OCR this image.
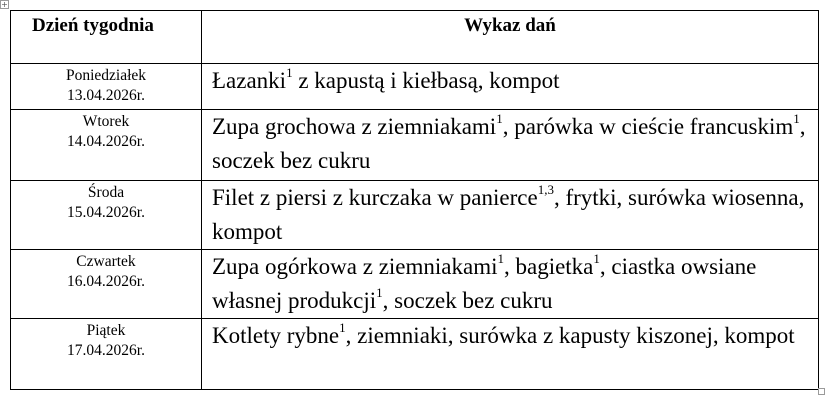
+
Dzień tygodnia	Wykaz dań

Poniedziałek
13.04.2026r.	Łazanki$^1$ z kapustą i kiełbasą, kompot

Wtorek
14.04.2026r.	Zupa grochowa z ziemniakami$^1$, parówka w cieście francuskim$^1$, soczek bez cukru

Środa
15.04.2026r.	Filet z piersi z kurczaka w panierce$^{1,3}$, frytki, surówka wiosenna, kompot

Czwartek
16.04.2026r.	Zupa ogórkowa z ziemniakami$^1$, bagietka$^1$, ciastka owsiane własnej produkcji$^1$, soczek bez cukru

Piątek
17.04.2026r.	Kotlety rybne$^1$, ziemniaki, surówka z kapusty kiszonej, kompot
